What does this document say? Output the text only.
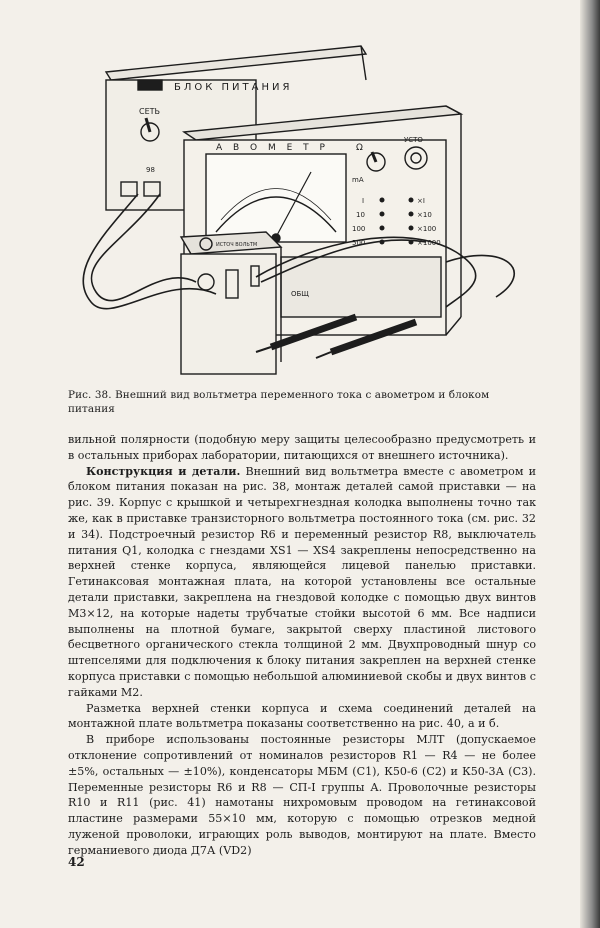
БЛОК ПИТАНИЯ
СЕТЬ
98
А В О М Е Т Р	Ω
УСТО
mA
I
10
100
500
×I
×10
×100
×1000
ОБЩ
ИСТОЧ ВОЛЬТМ
Рис. 38. Внешний вид вольтметра переменного тока с авометром и блоком питания

вильной полярности (подобную меру защиты целесообразно предусмотреть и в остальных приборах лаборатории, питающихся от внешнего источника).

Конструкция и детали. Внешний вид вольтметра вместе с авометром и блоком питания показан на рис. 38, монтаж деталей самой приставки — на рис. 39. Корпус с крышкой и четырехгнездная колодка выполнены точно так же, как в приставке транзисторного вольтметра постоянного тока (см. рис. 32 и 34). Подстроечный резистор R6 и переменный резистор R8, выключатель питания Q1, колодка с гнездами XS1 — XS4 закреплены непосредственно на верхней стенке корпуса, являющейся лицевой панелью приставки. Гетинаксовая монтажная плата, на которой установлены все остальные детали приставки, закреплена на гнездовой колодке с помощью двух винтов М3×12, на которые надеты трубчатые стойки высотой 6 мм. Все надписи выполнены на плотной бумаге, закрытой сверху пластиной листового бесцветного органического стекла толщиной 2 мм. Двухпроводный шнур со штепселями для подключения к блоку питания закреплен на верхней стенке корпуса приставки с помощью небольшой алюминиевой скобы и двух винтов с гайками М2.

Разметка верхней стенки корпуса и схема соединений деталей на монтажной плате вольтметра показаны соответственно на рис. 40, а и б.

В приборе использованы постоянные резисторы МЛТ (допускаемое отклонение сопротивлений от номиналов резисторов R1 — R4 — не более ±5%, остальных — ±10%), конденсаторы МБМ (С1), К50-6 (С2) и К50-3А (С3). Переменные резисторы R6 и R8 — СП-I группы А. Проволочные резисторы R10 и R11 (рис. 41) намотаны нихромовым проводом на гетинаксовой пластине размерами 55×10 мм, которую с помощью отрезков медной луженой проволоки, играющих роль выводов, монтируют на плате. Вместо германиевого диода Д7А (VD2)

42
